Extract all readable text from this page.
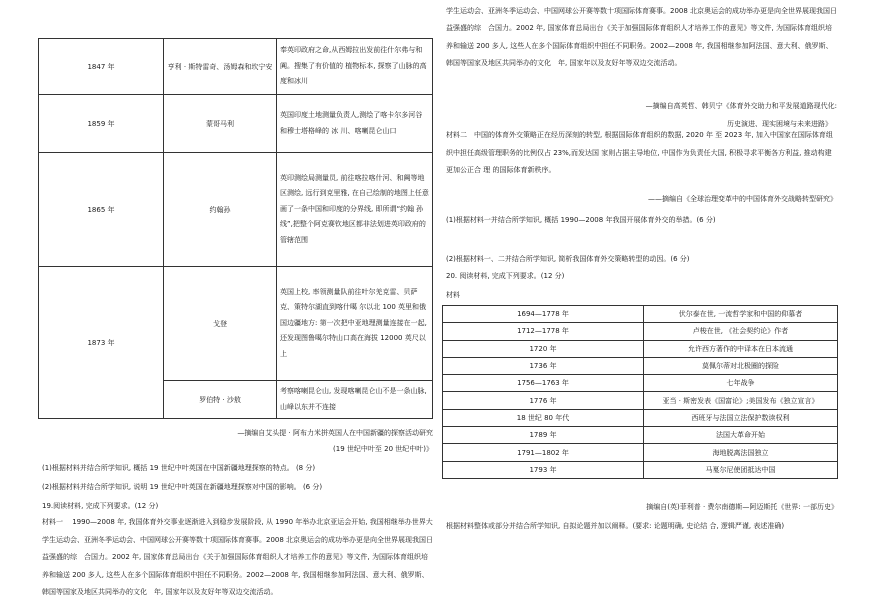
1847 年	亨利 · 斯特雷奇、汤姆森和坎宁安	奉英印政府之命,从西姆拉出发前往什尔弗与和阗。搜集了有价值的 植物标本, 探察了山脉的高度和冰川
1859 年	蒙哥马利	英国印度土地测量负责人,测绘了喀卡尔多河谷和穆士塔格峰的 冰 川、喀喇昆仑山口
1865 年	约翰孙	英印测绘局测量员, 前往喀拉喀什河、和阗等地区测绘, 远行到克里雅, 在自己绘制的地图上任意画了一条中国和印度的分界线, 即所谓“约翰 孙线”,把整个阿克赛钦地区都非法划进英印政府的管辖范围
1873 年	戈登	英国上校, 率领测量队前往叶尔羌克雷、贝萨克、策特尔湖直到喀什噶 尔以北 100 英里和俄国边疆地方: 第一次把中亚地理测量连接在一起,还发现图鲁噶尔特山口高在海拔 12000 英尺以上
	罗伯特 · 沙敖	考察喀喇昆仑山, 发现喀喇昆仑山不是一条山脉, 山峰以东并不连接
—摘编自艾头提 · 阿布力米拼英国人在中国新疆的探察活动研究
(19 世纪中叶至 20 世纪中叶)》
(1)根据材料并结合所学知识, 概括 19 世纪中叶英国在中国新疆地理探察的特点。 (8 分)
(2)根据材料并结合所学知识, 说明 19 世纪中叶英国在新疆地理探察对中国的影响。 (6 分)
19.阅读材料, 完成下列要求。(12 分)
材料一　 1990—2008 年, 我国体育外交事业逐渐进入到稳步发展阶段, 从 1990 年举办北京亚运会开始, 我国相继举办世界大学生运动会、亚洲冬季运动会、中国网球公开赛等数十项国际体育赛事。2008 北京奥运会的成功举办更是向全世界展现我国日益强盛的综　合国力。2002 年, 国家体育总局出台《关于加强国际体育组织人才培养工作的意见》等文件, 为国际体育组织培养和输送 200 多人, 这些人在多个国际体育组织中担任不同职务。2002—2008 年, 我国相继参加阿法国、意大利、俄罗斯、韩国等国家及地区共同举办的文化　年, 国家年以及友好年等双边交流活动。
　 学生运动会、亚洲冬季运动会、中国网球公开赛等数十项国际体育赛事。2008 北京奥运会的成功举办更是向全世界展现我国日益强盛的综　合国力。2002 年, 国家体育总局出台《关于加强国际体育组织人才培养工作的意见》等文件, 为国际体育组织培养和输送 200 多人, 这些人在多个国际体育组织中担任不同职务。2002—2008 年, 我国相继参加阿法国、意大利、俄罗斯、韩国等国家及地区共同举办的文化　年, 国家年以及友好年等双边交流活动。
—摘编自高英哲、韩贝宁《体育外交助力和平发展道路现代化:
历史演进、现实困境与未来进路》
材料二　中国的体育外交策略正在经历深刻的转型, 根据国际体育组织的数据, 2020 年 至 2023 年, 加入中国家在国际体育组织中担任高级管理职务的比例仅占 23%,而发达国 家则占据主导地位, 中国作为负责任大国, 积极寻求平衡各方利益, 推动构建更加公正合 理 的国际体育新秩序。
——摘编自《全球治理变革中的中国体育外交战略转型研究》
(1)根据材料一并结合所学知识, 概括 1990—2008 年我国开展体育外交的举措。(6 分)
(2)根据材料一、二并结合所学知识, 简析我国体育外交策略转型的动因。(6 分)
20. 阅读材料, 完成下列要求。(12 分)
材料
1694—1778 年	伏尔泰在世, 一流哲学家和中国的仰慕者
1712—1778 年	卢梭在世, 《社会契约论》作者
1720 年	允许西方著作的中译本在日本流通
1736 年	莫佩尔蒂对北极圈的探险
1756—1763 年	七年战争
1776 年	亚当 · 斯密发表《国富论》;美国发布《独立宣言》
18 世纪 80 年代	西班牙与法国立法保护数读权利
1789 年	法国大革命开始
1791—1802 年	海地脱离法国独立
1793 年	马戛尔尼使团抵达中国
摘编自(英)菲利普 · 费尔南德斯—阿迈斯托《世界: 一部历史》
根据材料整体或部分并结合所学知识, 自拟论题并加以阐释。(要求: 论题明确, 史论结 合, 逻辑严谨, 表述准确)
